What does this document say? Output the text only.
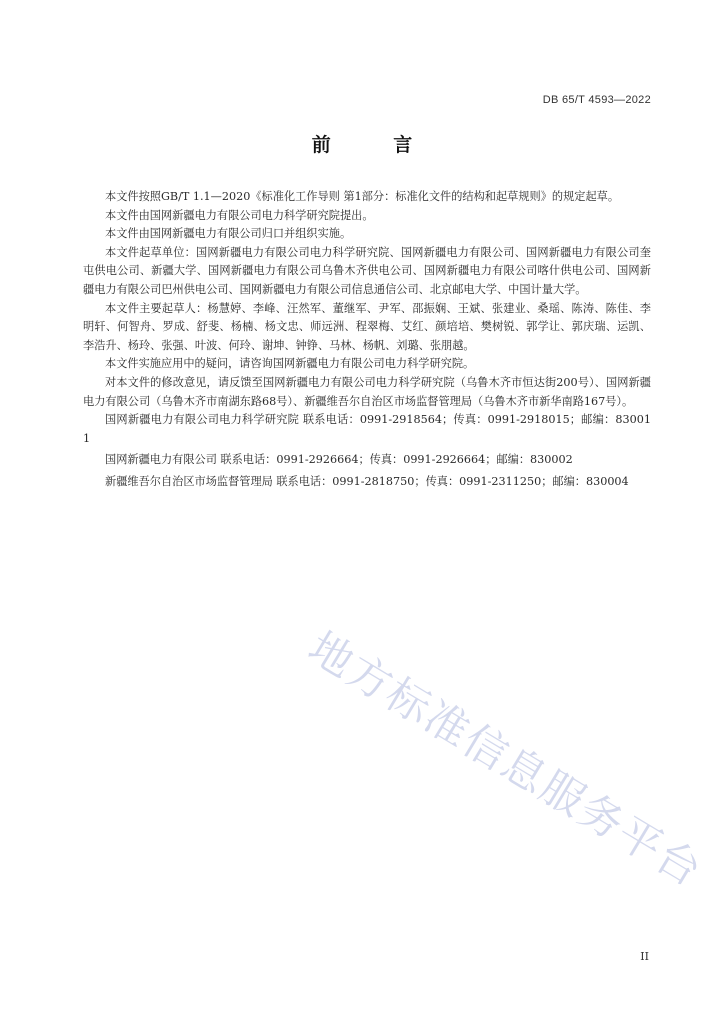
DB 65/T 4593—2022
前 言

本文件按照GB/T 1.1—2020《标准化工作导则 第1部分：标准化文件的结构和起草规则》的规定起草。

本文件由国网新疆电力有限公司电力科学研究院提出。

本文件由国网新疆电力有限公司归口并组织实施。

本文件起草单位：国网新疆电力有限公司电力科学研究院、国网新疆电力有限公司、国网新疆电力有限公司奎屯供电公司、新疆大学、国网新疆电力有限公司乌鲁木齐供电公司、国网新疆电力有限公司喀什供电公司、国网新疆电力有限公司巴州供电公司、国网新疆电力有限公司信息通信公司、北京邮电大学、中国计量大学。

本文件主要起草人：杨慧婷、李峰、汪然军、董继军、尹军、邵振娴、王斌、张建业、桑瑶、陈涛、陈佳、李明轩、何智舟、罗成、舒斐、杨楠、杨文忠、师远洲、程翠梅、艾红、颜培培、樊树锐、郭学让、郭庆瑞、运凯、李浩升、杨玲、张强、叶波、何玲、谢坤、钟铮、马林、杨帆、刘璐、张朋越。

本文件实施应用中的疑问，请咨询国网新疆电力有限公司电力科学研究院。

对本文件的修改意见，请反馈至国网新疆电力有限公司电力科学研究院（乌鲁木齐市恒达街200号）、国网新疆电力有限公司（乌鲁木齐市南湖东路68号）、新疆维吾尔自治区市场监督管理局（乌鲁木齐市新华南路167号）。

国网新疆电力有限公司电力科学研究院 联系电话：0991-2918564；传真：0991-2918015；邮编：830011

国网新疆电力有限公司 联系电话：0991-2926664；传真：0991-2926664；邮编：830002

新疆维吾尔自治区市场监督管理局 联系电话：0991-2818750；传真：0991-2311250；邮编：830004

地方标准信息服务平台
II
